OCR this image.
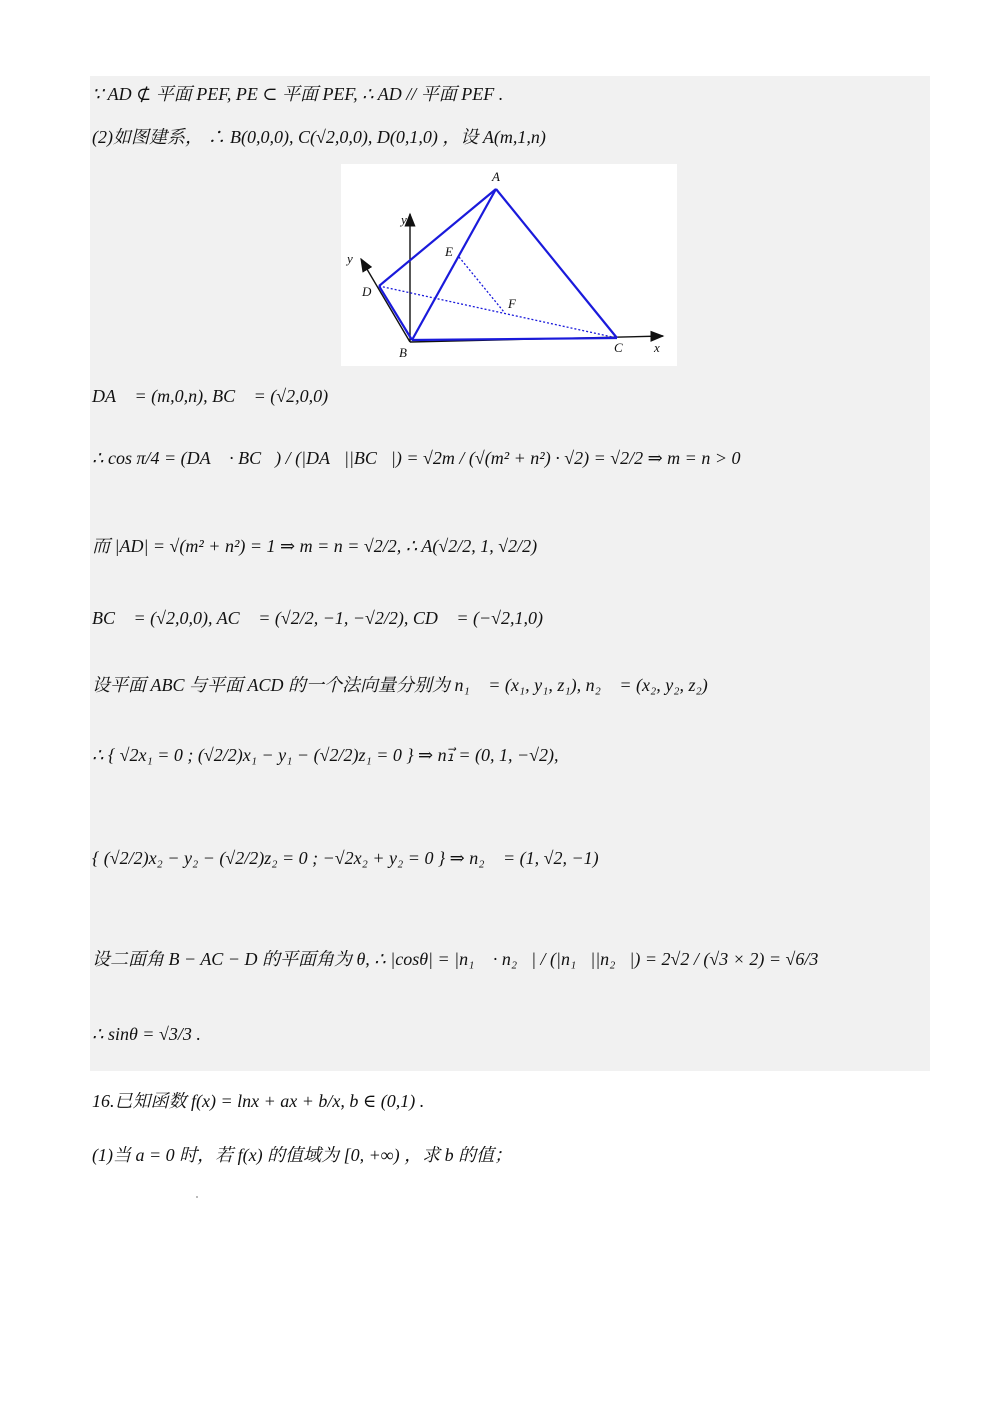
∵ AD ⊄ 平面 PEF, PE ⊂ 平面 PEF, ∴ AD // 平面 PEF .
(2)如图建系， ∴ B(0,0,0), C(√2,0,0), D(0,1,0) ，设 A(m,1,n)
A
B	C
D
E
F
x
y
y
DA⃗ = (m,0,n), BC⃗ = (√2,0,0)
∴ cos π/4 = (DA⃗ · BC⃗) / (|DA⃗||BC⃗|) = √2m / (√(m² + n²) · √2) = √2/2 ⇒ m = n > 0
而 |AD| = √(m² + n²) = 1 ⇒ m = n = √2/2, ∴ A(√2/2, 1, √2/2)
BC⃗ = (√2,0,0), AC⃗ = (√2/2, −1, −√2/2), CD⃗ = (−√2,1,0)
设平面 ABC 与平面 ACD 的一个法向量分别为 n₁⃗ = (x₁, y₁, z₁), n₂⃗ = (x₂, y₂, z₂)
∴ { √2x₁ = 0 ; (√2/2)x₁ − y₁ − (√2/2)z₁ = 0 } ⇒ n₁⃗ = (0, 1, −√2),
{ (√2/2)x₂ − y₂ − (√2/2)z₂ = 0 ; −√2x₂ + y₂ = 0 } ⇒ n₂⃗ = (1, √2, −1)
设二面角 B − AC − D 的平面角为 θ, ∴ |cosθ| = |n₁⃗ · n₂⃗| / (|n₁⃗||n₂⃗|) = 2√2 / (√3 × 2) = √6/3 ，
∴ sinθ = √3/3 .
16.已知函数 f(x) = lnx + ax + b/x, b ∈ (0,1) .
(1)当 a = 0 时，若 f(x) 的值域为 [0, +∞) ，求 b 的值；
